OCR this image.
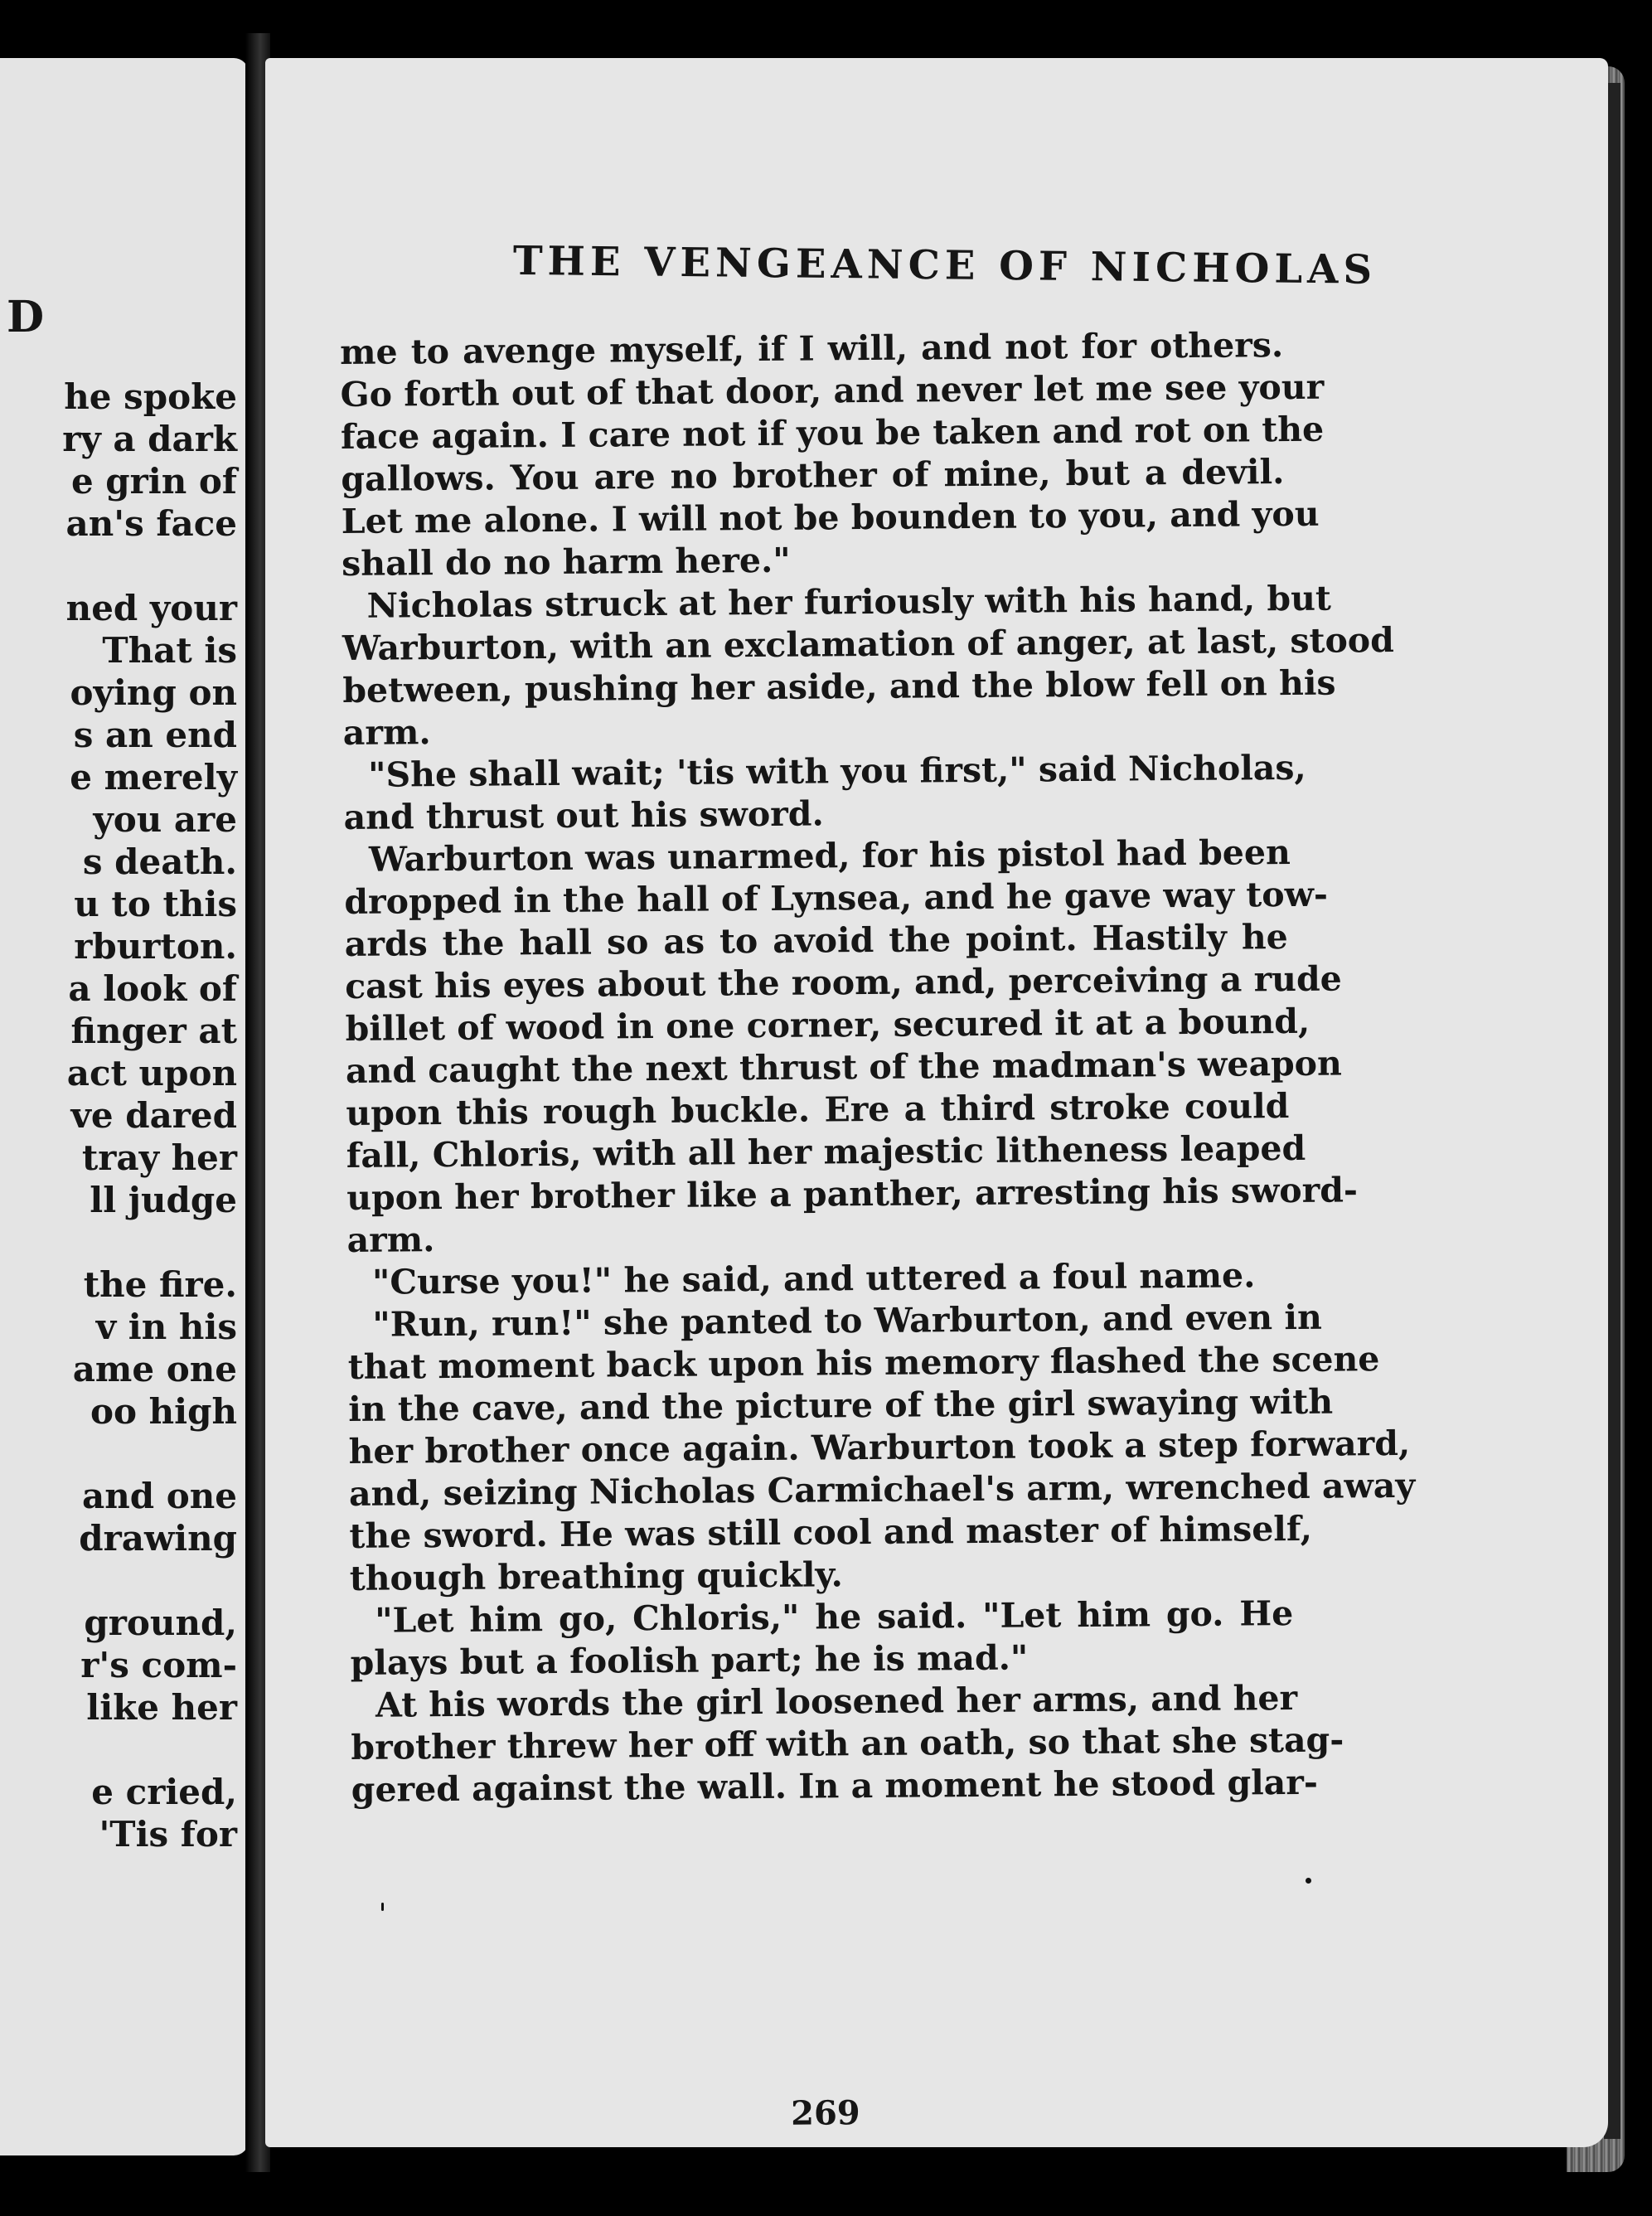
D
he spoke
ry a dark
e grin of
an's face
ned your
That is
oying on
s an end
e merely
you are
s death.
u to this
rburton.
a look of
finger at
act upon
ve dared
tray her
ll judge
the fire.
v in his
ame one
oo high
and one
drawing
ground,
r's com-
like her
e cried,
'Tis for
THE VENGEANCE OF NICHOLAS
me to avenge myself, if I will, and not for others.
Go forth out of that door, and never let me see your
face again. I care not if you be taken and rot on the
gallows. You are no brother of mine, but a devil.
Let me alone. I will not be bounden to you, and you
shall do no harm here."
Nicholas struck at her furiously with his hand, but
Warburton, with an exclamation of anger, at last, stood
between, pushing her aside, and the blow fell on his
arm.
"She shall wait; 'tis with you first," said Nicholas,
and thrust out his sword.
Warburton was unarmed, for his pistol had been
dropped in the hall of Lynsea, and he gave way tow-
ards the hall so as to avoid the point. Hastily he
cast his eyes about the room, and, perceiving a rude
billet of wood in one corner, secured it at a bound,
and caught the next thrust of the madman's weapon
upon this rough buckle. Ere a third stroke could
fall, Chloris, with all her majestic litheness leaped
upon her brother like a panther, arresting his sword-
arm.
"Curse you!" he said, and uttered a foul name.
"Run, run!" she panted to Warburton, and even in
that moment back upon his memory flashed the scene
in the cave, and the picture of the girl swaying with
her brother once again. Warburton took a step forward,
and, seizing Nicholas Carmichael's arm, wrenched away
the sword. He was still cool and master of himself,
though breathing quickly.
"Let him go, Chloris," he said. "Let him go. He
plays but a foolish part; he is mad."
At his words the girl loosened her arms, and her
brother threw her off with an oath, so that she stag-
gered against the wall. In a moment he stood glar-
269
